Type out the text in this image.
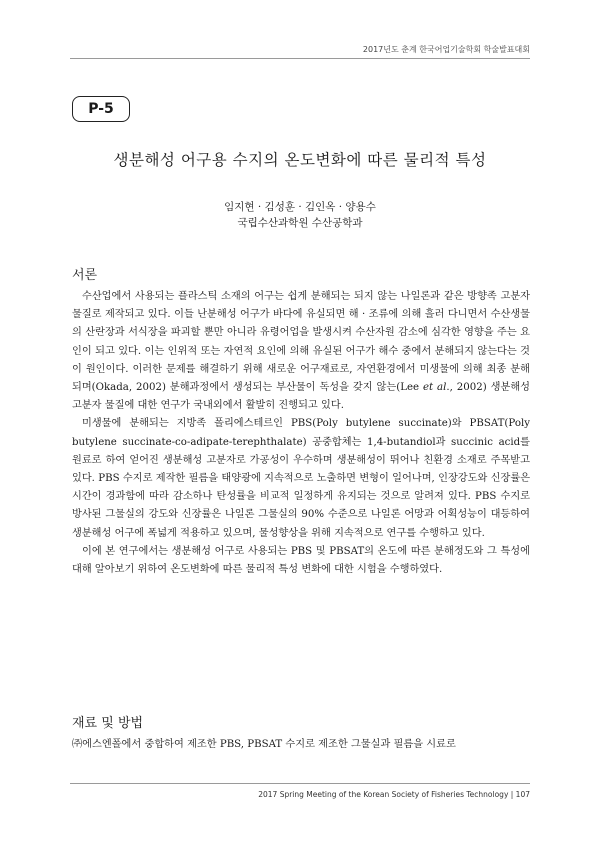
2017년도 춘계 한국어업기술학회 학술발표대회
P-5
생분해성 어구용 수지의 온도변화에 따른 물리적 특성
임지현 · 김성훈 · 김인옥 · 양용수
국립수산과학원 수산공학과
서론

수산업에서 사용되는 플라스틱 소재의 어구는 쉽게 분해되는 되지 않는 나일론과 같은 방향족 고분자물질로 제작되고 있다. 이들 난분해성 어구가 바다에 유실되면 해 · 조류에 의해 흘러 다니면서 수산생물의 산란장과 서식장을 파괴할 뿐만 아니라 유령어업을 발생시켜 수산자원 감소에 심각한 영향을 주는 요인이 되고 있다. 이는 인위적 또는 자연적 요인에 의해 유실된 어구가 해수 중에서 분해되지 않는다는 것이 원인이다. 이러한 문제를 해결하기 위해 새로운 어구재료로, 자연환경에서 미생물에 의해 최종 분해되며(Okada, 2002) 분해과정에서 생성되는 부산물이 독성을 갖지 않는(Lee et al., 2002) 생분해성 고분자 물질에 대한 연구가 국내외에서 활발히 진행되고 있다.

미생물에 분해되는 지방족 폴리에스테르인 PBS(Poly butylene succinate)와 PBSAT(Poly butylene succinate-co-adipate-terephthalate) 공중합체는 1,4-butandiol과 succinic acid를 원료로 하여 얻어진 생분해성 고분자로 가공성이 우수하며 생분해성이 뛰어나 친환경 소재로 주목받고 있다. PBS 수지로 제작한 필름을 태양광에 지속적으로 노출하면 변형이 일어나며, 인장강도와 신장률은 시간이 경과함에 따라 감소하나 탄성률을 비교적 일정하게 유지되는 것으로 알려져 있다. PBS 수지로 방사된 그물실의 강도와 신장률은 나일론 그물실의 90% 수준으로 나일론 어망과 어획성능이 대등하여 생분해성 어구에 폭넓게 적용하고 있으며, 물성향상을 위해 지속적으로 연구를 수행하고 있다.

이에 본 연구에서는 생분해성 어구로 사용되는 PBS 및 PBSAT의 온도에 따른 분해정도와 그 특성에 대해 알아보기 위하여 온도변화에 따른 물리적 특성 변화에 대한 시험을 수행하였다.

재료 및 방법

㈜에스엔폴에서 중합하여 제조한 PBS, PBSAT 수지로 제조한 그물실과 필름을 시료로

2017 Spring Meeting of the Korean Society of Fisheries Technology | 107
